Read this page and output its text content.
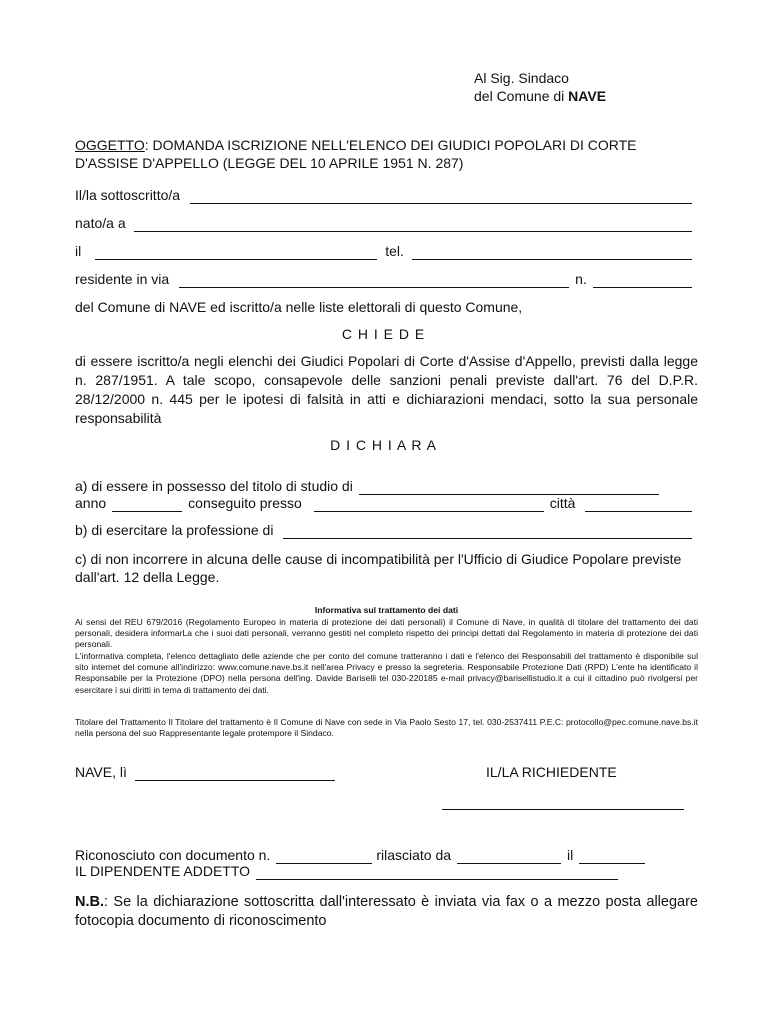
Al Sig. Sindaco
del Comune di NAVE
OGGETTO: DOMANDA ISCRIZIONE NELL'ELENCO DEI GIUDICI POPOLARI DI CORTE
D'ASSISE D'APPELLO (LEGGE DEL 10 APRILE 1951 N. 287)
Il/la sottoscritto/a
nato/a a
il	tel.
residente in via	n.
del Comune di NAVE ed iscritto/a nelle liste elettorali di questo Comune,
C H I E D E
di essere iscritto/a negli elenchi dei Giudici Popolari di Corte d'Assise d'Appello, previsti dalla legge n. 287/1951. A tale scopo, consapevole delle sanzioni penali previste dall'art. 76 del D.P.R. 28/12/2000 n. 445 per le ipotesi di falsità in atti e dichiarazioni mendaci, sotto la sua personale responsabilità
D I C H I A R A
a) di essere in possesso del titolo di studio di
anno	conseguito presso	città
b) di esercitare la professione di
c) di non incorrere in alcuna delle cause di incompatibilità per l'Ufficio di Giudice Popolare previste dall'art. 12 della Legge.
Informativa sul trattamento dei dati
Ai sensi del REU 679/2016 (Regolamento Europeo in materia di protezione dei dati personali) il Comune di Nave, in qualità di titolare del trattamento dei dati personali, desidera informarLa che i suoi dati personali, verranno gestiti nel completo rispetto dei principi dettati dal Regolamento in materia di protezione dei dati personali.
L'informativa completa, l'elenco dettagliato delle aziende che per conto del comune tratteranno i dati e l'elenco dei Responsabili del trattamento è disponibile sul sito internet del comune all'indirizzo: www.comune.nave.bs.it nell'area Privacy e presso la segreteria. Responsabile Protezione Dati (RPD) L'ente ha identificato il Responsabile per la Protezione (DPO) nella persona dell'ing. Davide Bariselli tel 030-220185 e-mail privacy@barisellistudio.it a cui il cittadino può rivolgersi per esercitare i sui diritti in tema di trattamento dei dati.
Titolare del Trattamento Il Titolare del trattamento è Il Comune di Nave con sede in Via Paolo Sesto 17, tel. 030-2537411 P.E.C: protocollo@pec.comune.nave.bs.it nella persona del suo Rappresentante legale protempore il Sindaco.
NAVE, lì	IL/LA RICHIEDENTE
Riconosciuto con documento n.	rilasciato da	il
IL DIPENDENTE ADDETTO
N.B.: Se la dichiarazione sottoscritta dall'interessato è inviata via fax o a mezzo posta allegare fotocopia documento di riconoscimento
